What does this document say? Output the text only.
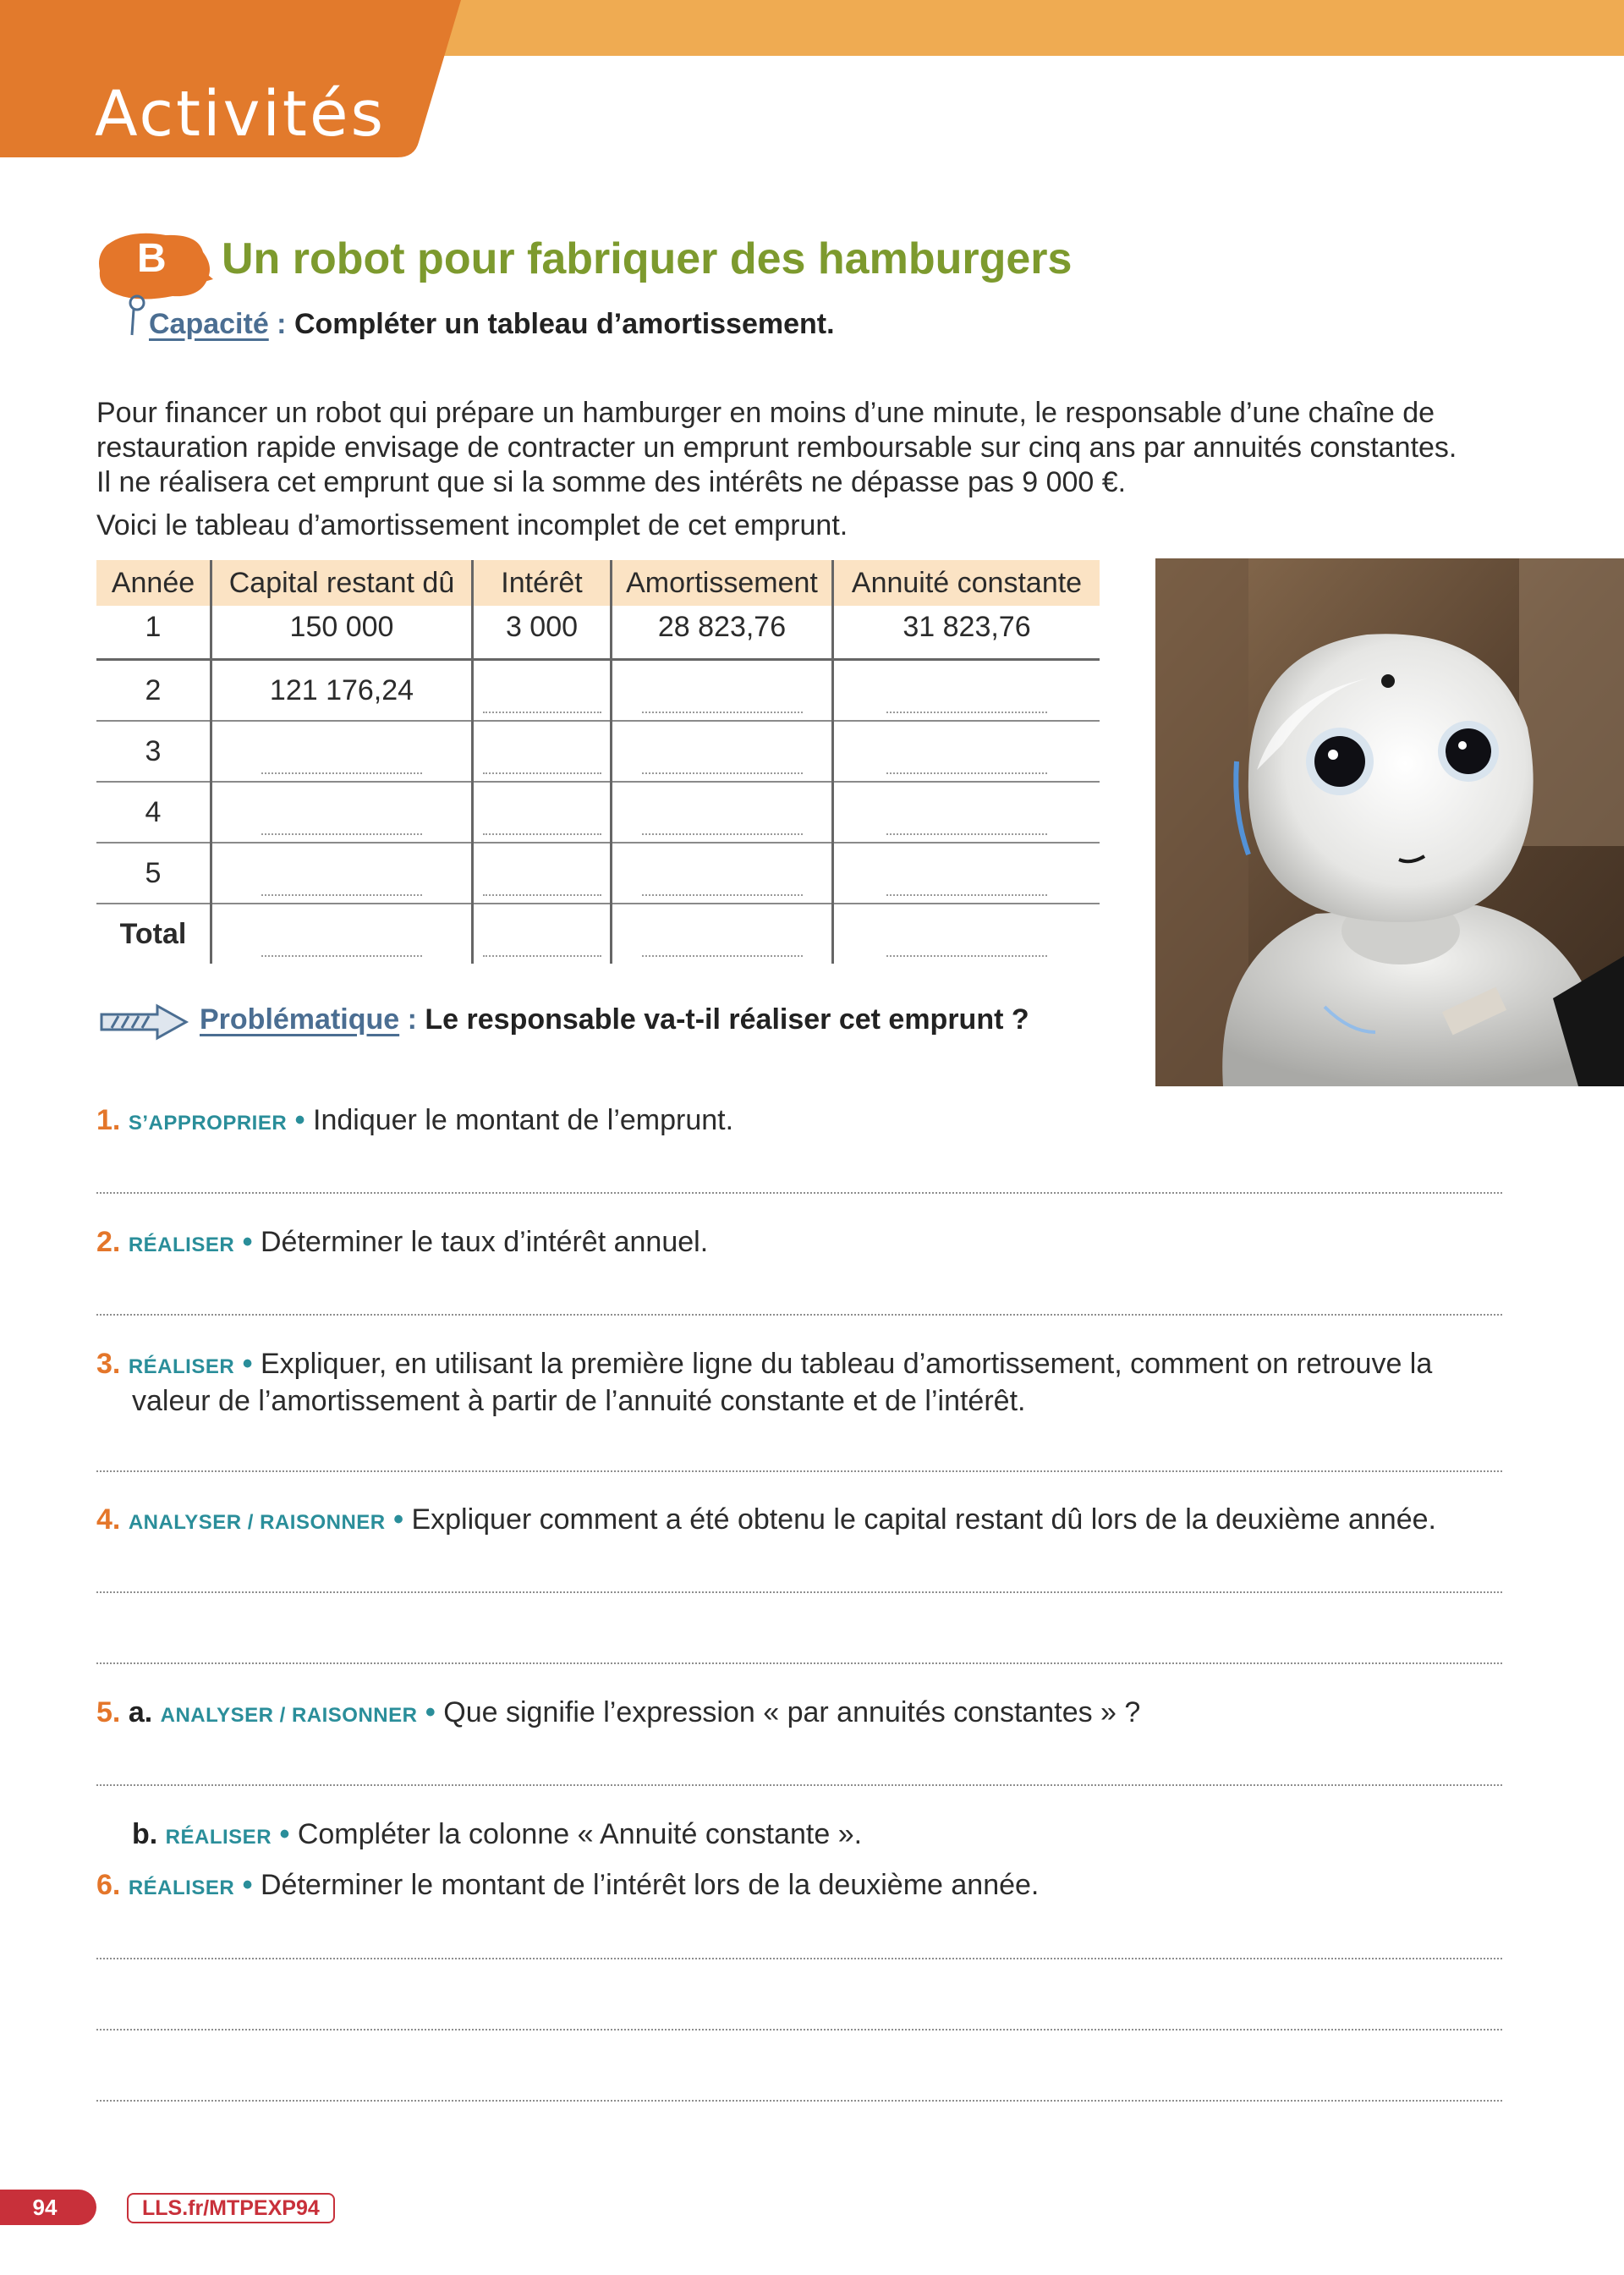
Activités
B Un robot pour fabriquer des hamburgers
Capacité : Compléter un tableau d’amortissement.

Pour financer un robot qui prépare un hamburger en moins d’une minute, le responsable d’une chaîne de

restauration rapide envisage de contracter un emprunt remboursable sur cinq ans par annuités constantes.

Il ne réalisera cet emprunt que si la somme des intérêts ne dépasse pas 9 000 €.

Voici le tableau d’amortissement incomplet de cet emprunt.

Année	Capital restant dû	Intérêt	Amortissement	Annuité constante
1	150 000	3 000	28 823,76	31 823,76
2	121 176,24	

3	

4	

5	

Total	

Problématique : Le responsable va-t-il réaliser cet emprunt ?
1. S’APPROPRIER • Indiquer le montant de l’emprunt.
2. RÉALISER • Déterminer le taux d’intérêt annuel.
3. RÉALISER • Expliquer, en utilisant la première ligne du tableau d’amortissement, comment on retrouve la
valeur de l’amortissement à partir de l’annuité constante et de l’intérêt.
4. ANALYSER / RAISONNER • Expliquer comment a été obtenu le capital restant dû lors de la deuxième année.
5. a. ANALYSER / RAISONNER • Que signifie l’expression « par annuités constantes » ?
b. RÉALISER • Compléter la colonne « Annuité constante ».
6. RÉALISER • Déterminer le montant de l’intérêt lors de la deuxième année.
94	LLS.fr/MTPEXP94
